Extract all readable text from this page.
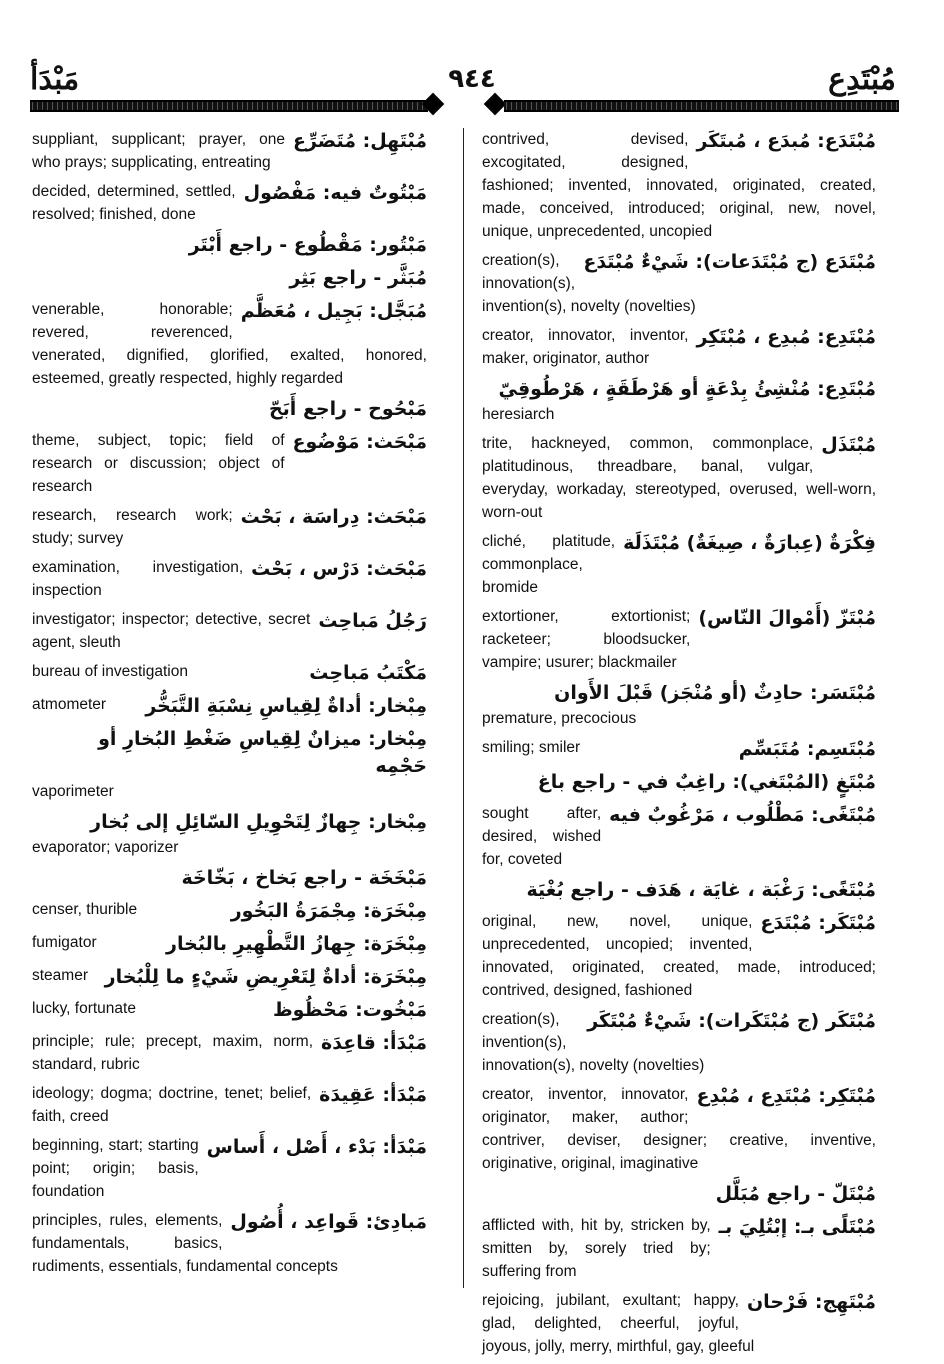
مُبْتَدِع
٩٤٤
مَبْدَأ
مُبْتَدَع: مُبدَع ، مُبتَكَر
contrived, devised, excogitated, designed, fashioned; invented, innovated, originated, created, made, conceived, introduced; original, new, novel, unique, unprecedented, uncopied
مُبْتَدَع (ج مُبْتَدَعات): شَيْءٌ مُبْتَدَع
creation(s), innovation(s), invention(s), novelty (novelties)
مُبْتَدِع: مُبدِع ، مُبْتَكِر
creator, innovator, inventor, maker, originator, author
مُبْتَدِع: مُنْشِئُ بِدْعَةٍ أو هَرْطَقَةٍ ، هَرْطُوقِيّ
heresiarch
مُبْتَذَل
trite, hackneyed, common, commonplace, platitudinous, threadbare, banal, vulgar, everyday, workaday, stereotyped, overused, well-worn, worn-out
فِكْرَةٌ (عِبارَةٌ ، صِيغَةٌ) مُبْتَذَلَة
cliché, platitude, commonplace, bromide
مُبْتَزّ (أَمْوالَ النّاس)
extortioner, extortionist; racketeer; bloodsucker, vampire; usurer; blackmailer
مُبْتَسَر: حادِثٌ (أو مُنْجَز) قَبْلَ الأَوان
premature, precocious
مُبْتَسِم: مُتَبَسِّم
smiling; smiler
مُبْتَغٍ (المُبْتَغي): راغِبٌ في - راجع باغ
مُبْتَغًى: مَطْلُوب ، مَرْغُوبٌ فيه
sought after, desired, wished for, coveted
مُبْتَغًى: رَغْبَة ، غايَة ، هَدَف - راجع بُغْيَة
مُبْتَكَر: مُبْتَدَع
original, new, novel, unique, unprecedented, uncopied; invented, innovated, originated, created, made, introduced; contrived, designed, fashioned
مُبْتَكَر (ج مُبْتَكَرات): شَيْءٌ مُبْتَكَر
creation(s), invention(s), innovation(s), novelty (novelties)
مُبْتَكِر: مُبْتَدِع ، مُبْدِع
creator, inventor, innovator, originator, maker, author; contriver, deviser, designer; creative, inventive, originative, original, imaginative
مُبْتَلّ - راجع مُبَلَّل
مُبْتَلًى بـ: إبْتُلِيَ بـ
afflicted with, hit by, stricken by, smitten by, sorely tried by; suffering from
مُبْتَهِج: فَرْحان
rejoicing, jubilant, exultant; happy, glad, delighted, cheerful, joyful, joyous, jolly, merry, mirthful, gay, gleeful
مُبْتَهِل: مُتَضَرِّع
suppliant, supplicant; prayer, one who prays; supplicating, entreating
مَبْتُوتٌ فيه: مَفْصُول
decided, determined, settled, resolved; finished, done
مَبْتُور: مَقْطُوع - راجع أَبْتَر
مُبَثَّر - راجع بَثِر
مُبَجَّل: بَجِيل ، مُعَظَّم
venerable, honorable; revered, reverenced, venerated, dignified, glorified, exalted, honored, esteemed, greatly respected, highly regarded
مَبْحُوح - راجع أَبَحّ
مَبْحَث: مَوْضُوع
theme, subject, topic; field of research or discussion; object of research
مَبْحَث: دِراسَة ، بَحْث
research, research work; study; survey
مَبْحَث: دَرْس ، بَحْث
examination, investigation, inspection
رَجُلُ مَباحِث
investigator; inspector; detective, secret agent, sleuth
مَكْتَبُ مَباحِث
bureau of investigation
مِبْخار: أداةٌ لِقِياسِ نِسْبَةِ التَّبَخُّر
atmometer
مِبْخار: ميزانٌ لِقِياسِ ضَغْطِ البُخارِ أو حَجْمِه
vaporimeter
مِبْخار: جِهازٌ لِتَحْوِيلِ السّائِلِ إلى بُخار
evaporator; vaporizer
مَبْخَخَة - راجع بَخاخ ، بَخّاخَة
مِبْخَرَة: مِجْمَرَةُ البَخُور
censer, thurible
مِبْخَرَة: جِهازُ التَّطْهِيرِ بالبُخار
fumigator
مِبْخَرَة: أداةٌ لِتَعْرِيضِ شَيْءٍ ما لِلْبُخار
steamer
مَبْخُوت: مَحْظُوظ
lucky, fortunate
مَبْدَأ: قاعِدَة
principle; rule; precept, maxim, norm, standard, rubric
مَبْدَأ: عَقِيدَة
ideology; dogma; doctrine, tenet; belief, faith, creed
مَبْدَأ: بَدْء ، أَصْل ، أَساس
beginning, start; starting point; origin; basis, foundation
مَبادِئ: قَواعِد ، أُصُول
principles, rules, elements, fundamentals, basics, rudiments, essentials, fundamental concepts
